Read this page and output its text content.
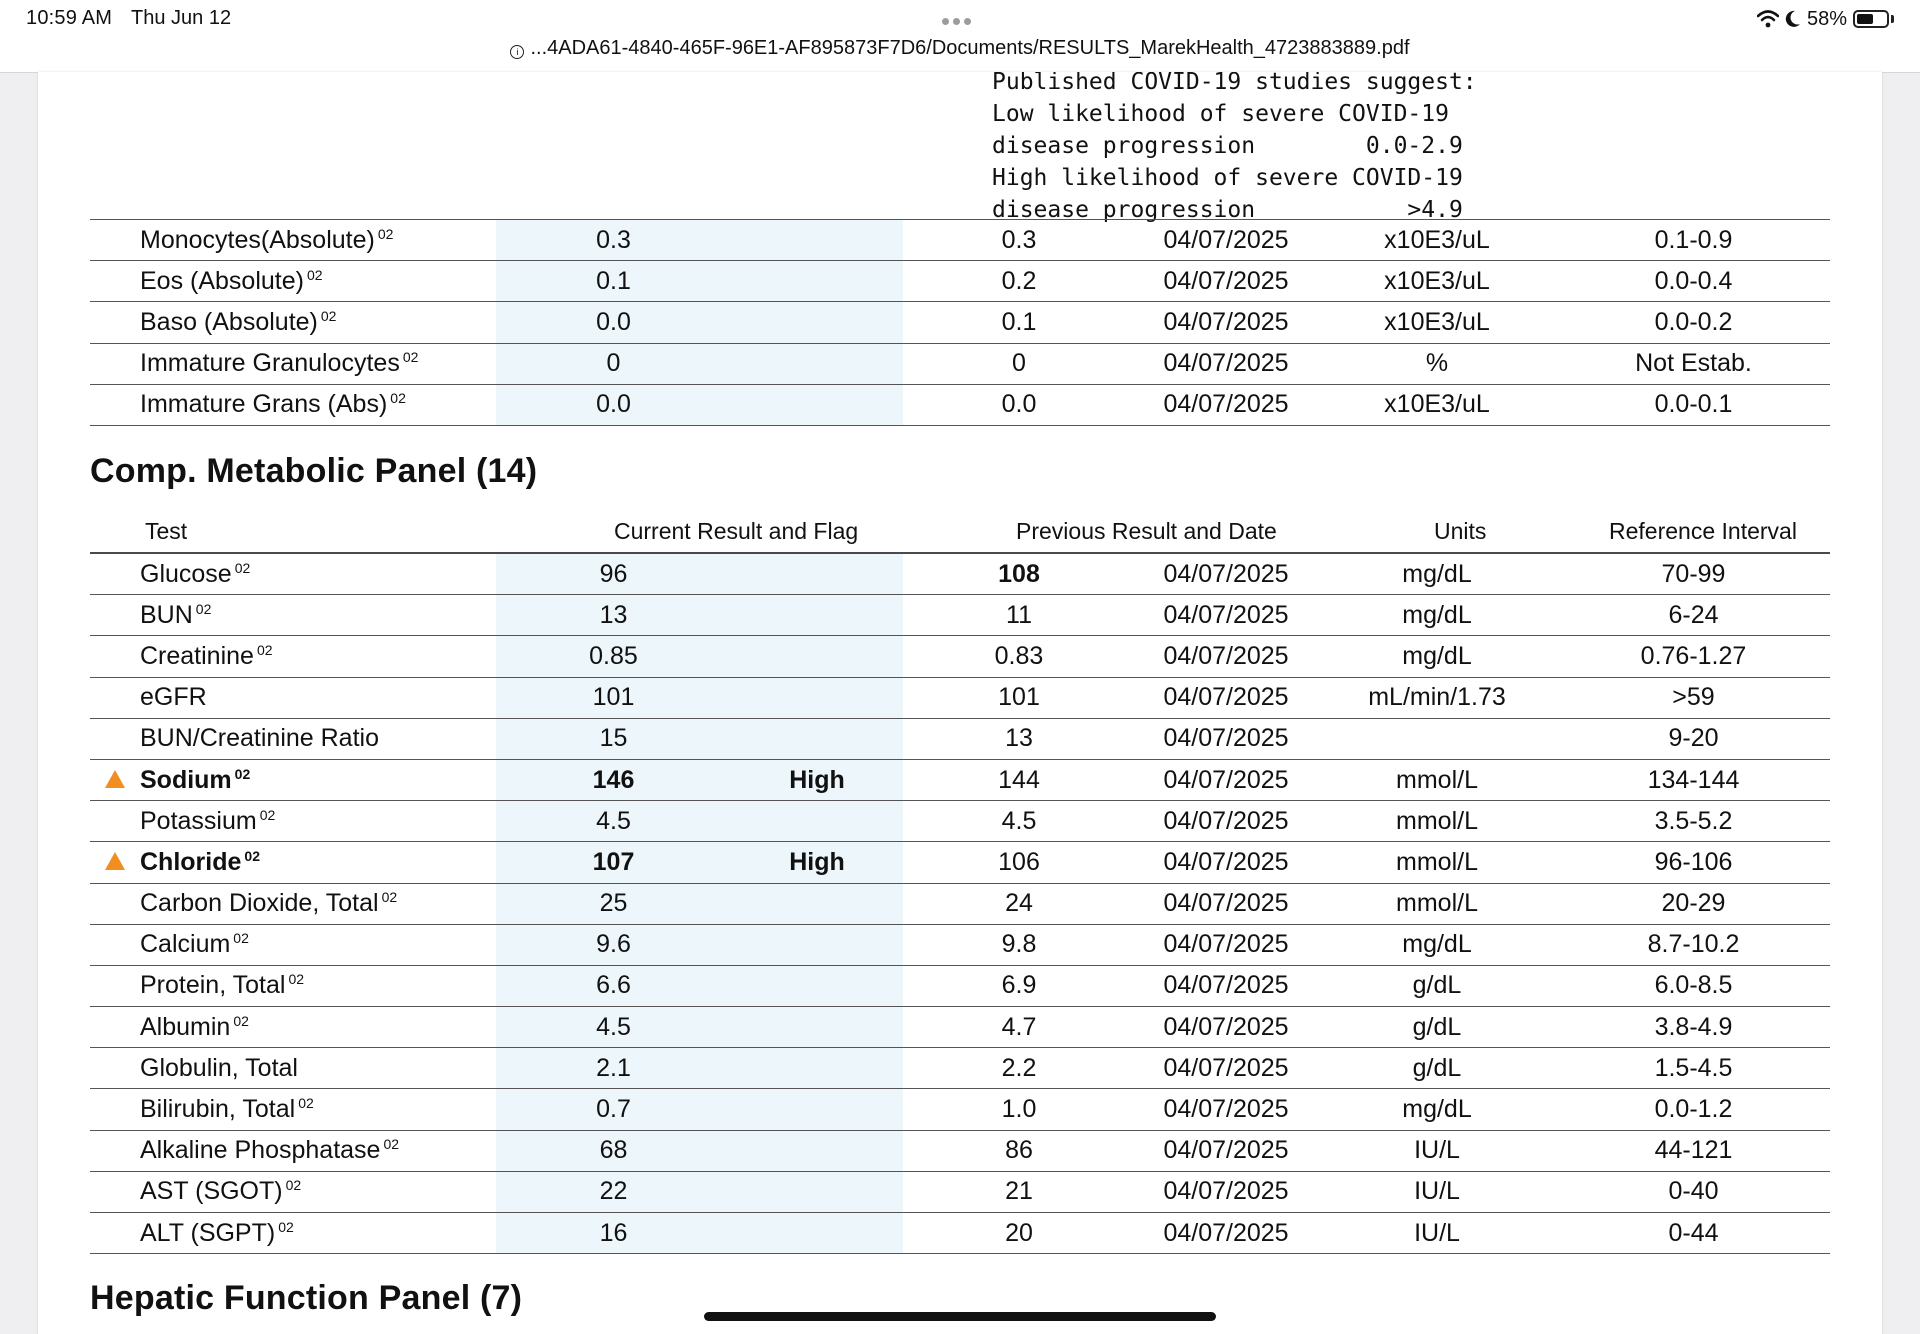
10:59 AM Thu Jun 12	58%
i ...4ADA61-4840-465F-96E1-AF895873F7D6/Documents/RESULTS_MarekHealth_4723883889.pdf
Published COVID-19 studies suggest:
Low likelihood of severe COVID-19
disease progression        0.0-2.9
High likelihood of severe COVID-19
disease progression           >4.9
	Monocytes(Absolute) $^{02}$	0.3		0.3	04/07/2025	x10E3/uL	0.1-0.9
	Eos (Absolute) $^{02}$	0.1		0.2	04/07/2025	x10E3/uL	0.0-0.4
	Baso (Absolute) $^{02}$	0.0		0.1	04/07/2025	x10E3/uL	0.0-0.2
	Immature Granulocytes $^{02}$	0		0	04/07/2025	%	Not Estab.
	Immature Grans (Abs) $^{02}$	0.0		0.0	04/07/2025	x10E3/uL	0.0-0.1
Comp. Metabolic Panel (14)
Test	Current Result and Flag	Previous Result and Date	Units	Reference Interval
	Glucose $^{02}$	96		108	04/07/2025	mg/dL	70-99
	BUN $^{02}$	13		11	04/07/2025	mg/dL	6-24
	Creatinine $^{02}$	0.85		0.83	04/07/2025	mg/dL	0.76-1.27
	eGFR	101		101	04/07/2025	mL/min/1.73	>59
	BUN/Creatinine Ratio	15		13	04/07/2025		9-20
	Sodium $^{02}$	146	High	144	04/07/2025	mmol/L	134-144
	Potassium $^{02}$	4.5		4.5	04/07/2025	mmol/L	3.5-5.2
	Chloride $^{02}$	107	High	106	04/07/2025	mmol/L	96-106
	Carbon Dioxide, Total $^{02}$	25		24	04/07/2025	mmol/L	20-29
	Calcium $^{02}$	9.6		9.8	04/07/2025	mg/dL	8.7-10.2
	Protein, Total $^{02}$	6.6		6.9	04/07/2025	g/dL	6.0-8.5
	Albumin $^{02}$	4.5		4.7	04/07/2025	g/dL	3.8-4.9
	Globulin, Total	2.1		2.2	04/07/2025	g/dL	1.5-4.5
	Bilirubin, Total $^{02}$	0.7		1.0	04/07/2025	mg/dL	0.0-1.2
	Alkaline Phosphatase $^{02}$	68		86	04/07/2025	IU/L	44-121
	AST (SGOT) $^{02}$	22		21	04/07/2025	IU/L	0-40
	ALT (SGPT) $^{02}$	16		20	04/07/2025	IU/L	0-44
Hepatic Function Panel (7)
